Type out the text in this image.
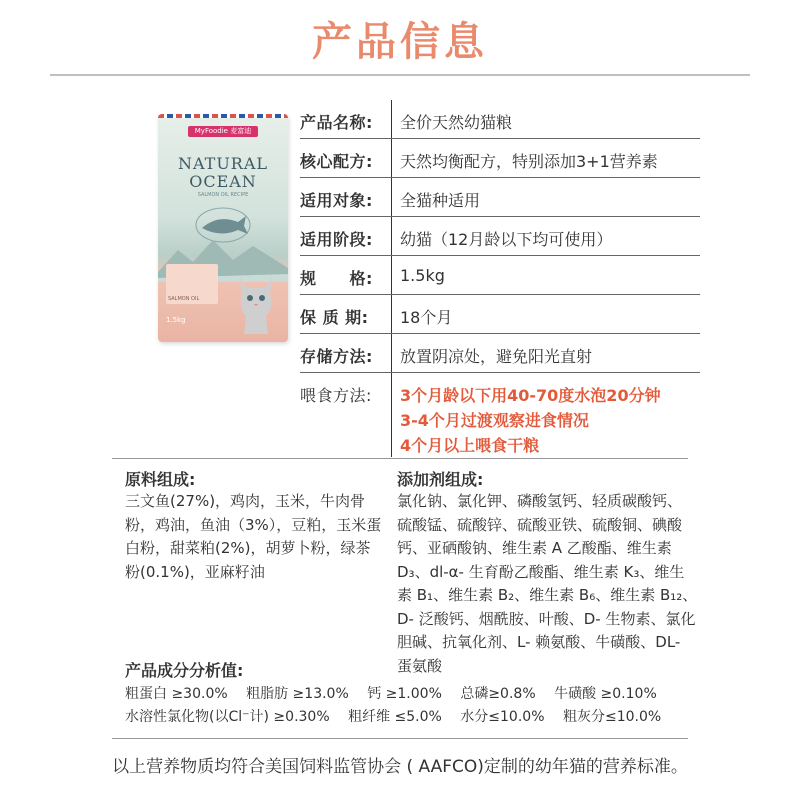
产品信息
MyFoodie 麦富迪
NATURAL
OCEAN
SALMON OIL RECIPE
SALMON OIL
1.5kg
产品名称:	全价天然幼猫粮
核心配方:	天然均衡配方，特别添加3+1营养素
适用对象:	全猫种适用
适用阶段:	幼猫（12月龄以下均可使用）
规　　格:	1.5kg
保 质 期:	18个月
存储方法:	放置阴凉处，避免阳光直射
喂食方法:	3个月龄以下用40-70度水泡20分钟
3-4个月过渡观察进食情况
4个月以上喂食干粮
原料组成:
三文鱼(27%)，鸡肉，玉米，牛肉骨
粉，鸡油，鱼油（3%），豆粕，玉米蛋
白粉，甜菜粕(2%)，胡萝卜粉，绿茶
粉(0.1%)，亚麻籽油
添加剂组成:
氯化钠、氯化钾、磷酸氢钙、轻质碳酸钙、
硫酸锰、硫酸锌、硫酸亚铁、硫酸铜、碘酸
钙、亚硒酸钠、维生素 A 乙酸酯、维生素
D₃、dl-α- 生育酚乙酸酯、维生素 K₃、维生
素 B₁、维生素 B₂、维生素 B₆、维生素 B₁₂、
D- 泛酸钙、烟酰胺、叶酸、D- 生物素、氯化
胆碱、抗氧化剂、L- 赖氨酸、牛磺酸、DL-
蛋氨酸
产品成分分析值:
粗蛋白 ≥30.0% 粗脂肪 ≥13.0% 钙 ≥1.00% 总磷≥0.8% 牛磺酸 ≥0.10%
水溶性氯化物(以Cl⁻计) ≥0.30% 粗纤维 ≤5.0% 水分≤10.0% 粗灰分≤10.0%
以上营养物质均符合美国饲料监管协会 ( AAFCO)定制的幼年猫的营养标准。
